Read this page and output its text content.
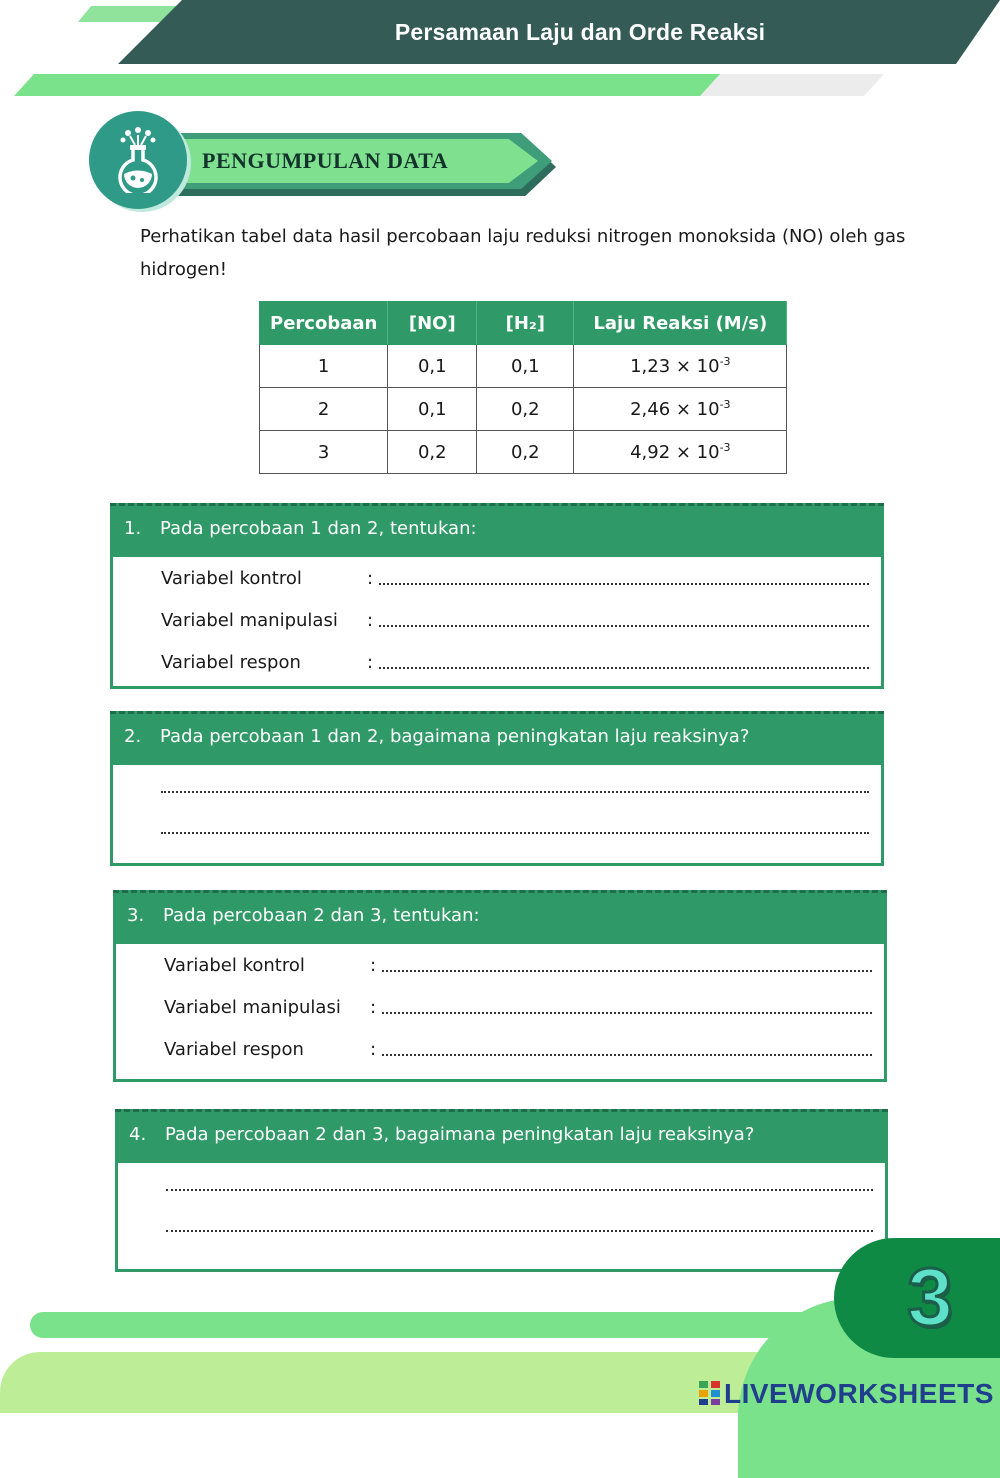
Persamaan Laju dan Orde Reaksi
PENGUMPULAN DATA
Perhatikan tabel data hasil percobaan laju reduksi nitrogen monoksida (NO) oleh gas hidrogen!
Percobaan	[NO]	[H₂]	Laju Reaksi (M/s)
1	0,1	0,1	$1,23 \times 10^{-3}$
2	0,1	0,2	$2,46 \times 10^{-3}$
3	0,2	0,2	$4,92 \times 10^{-3}$
1. Pada percobaan 1 dan 2, tentukan:
Variabel kontrol	:
Variabel manipulasi :
Variabel respon	:
2. Pada percobaan 1 dan 2, bagaimana peningkatan laju reaksinya?
3. Pada percobaan 2 dan 3, tentukan:
Variabel kontrol	:
Variabel manipulasi :
Variabel respon	:
4. Pada percobaan 2 dan 3, bagaimana peningkatan laju reaksinya?
3
LIVEWORKSHEETS
